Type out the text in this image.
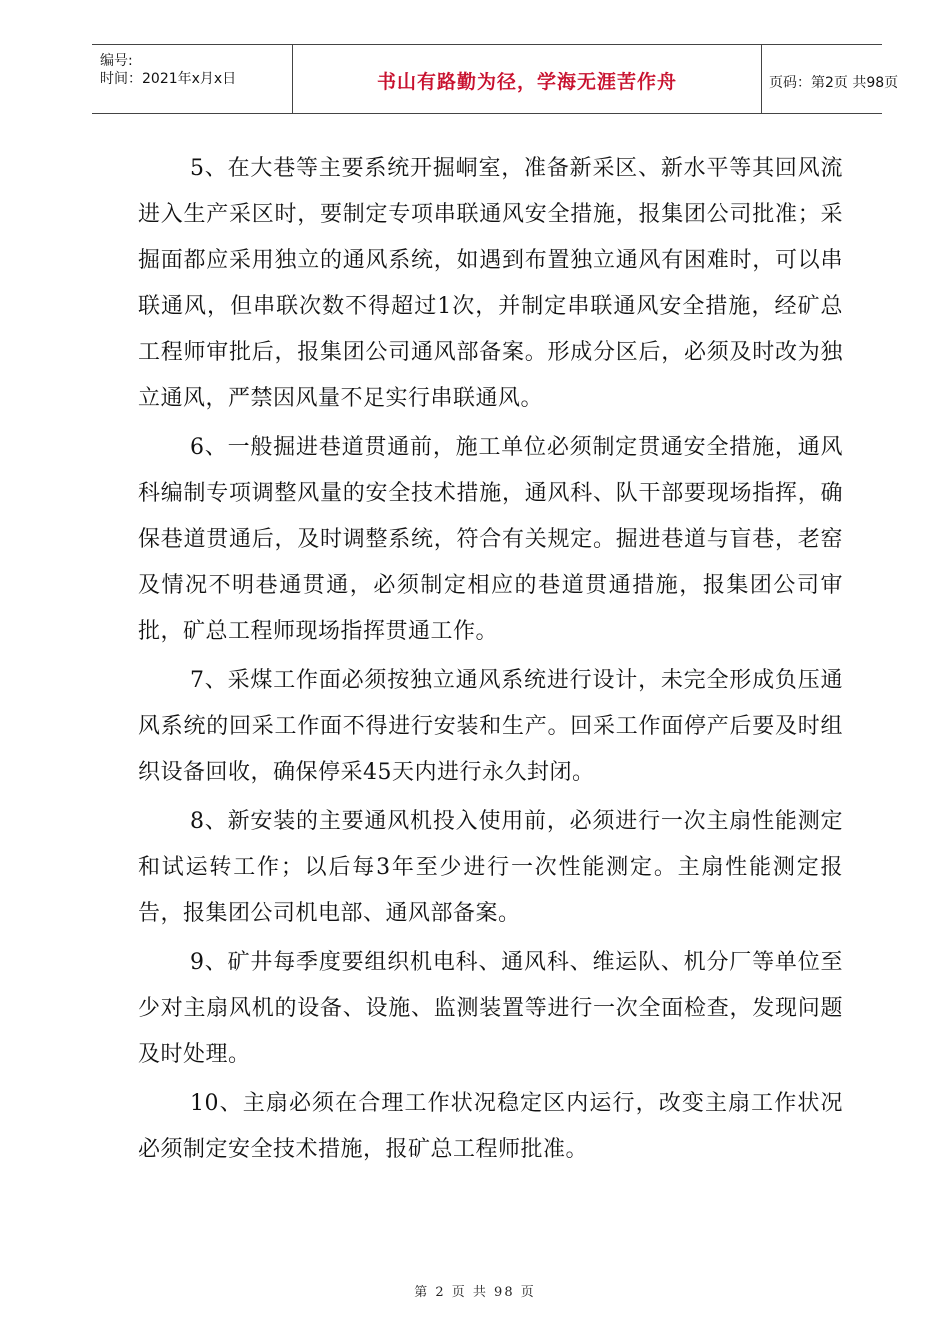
编号:
时间：2021年x月x日	书山有路勤为径，学海无涯苦作舟	页码：第2页 共98页

5、在大巷等主要系统开掘峒室，准备新采区、新水平等其回风流进入生产采区时，要制定专项串联通风安全措施，报集团公司批准；采掘面都应采用独立的通风系统，如遇到布置独立通风有困难时，可以串联通风，但串联次数不得超过1次，并制定串联通风安全措施，经矿总工程师审批后，报集团公司通风部备案。形成分区后，必须及时改为独立通风，严禁因风量不足实行串联通风。

6、一般掘进巷道贯通前，施工单位必须制定贯通安全措施，通风科编制专项调整风量的安全技术措施，通风科、队干部要现场指挥，确保巷道贯通后，及时调整系统，符合有关规定。掘进巷道与盲巷，老窑及情况不明巷通贯通，必须制定相应的巷道贯通措施，报集团公司审批，矿总工程师现场指挥贯通工作。

7、采煤工作面必须按独立通风系统进行设计，未完全形成负压通风系统的回采工作面不得进行安装和生产。回采工作面停产后要及时组织设备回收，确保停采45天内进行永久封闭。

8、新安装的主要通风机投入使用前，必须进行一次主扇性能测定和试运转工作；以后每3年至少进行一次性能测定。主扇性能测定报告，报集团公司机电部、通风部备案。

9、矿井每季度要组织机电科、通风科、维运队、机分厂等单位至少对主扇风机的设备、设施、监测装置等进行一次全面检查，发现问题及时处理。

10、主扇必须在合理工作状况稳定区内运行，改变主扇工作状况必须制定安全技术措施，报矿总工程师批准。

第 2 页 共 98 页
